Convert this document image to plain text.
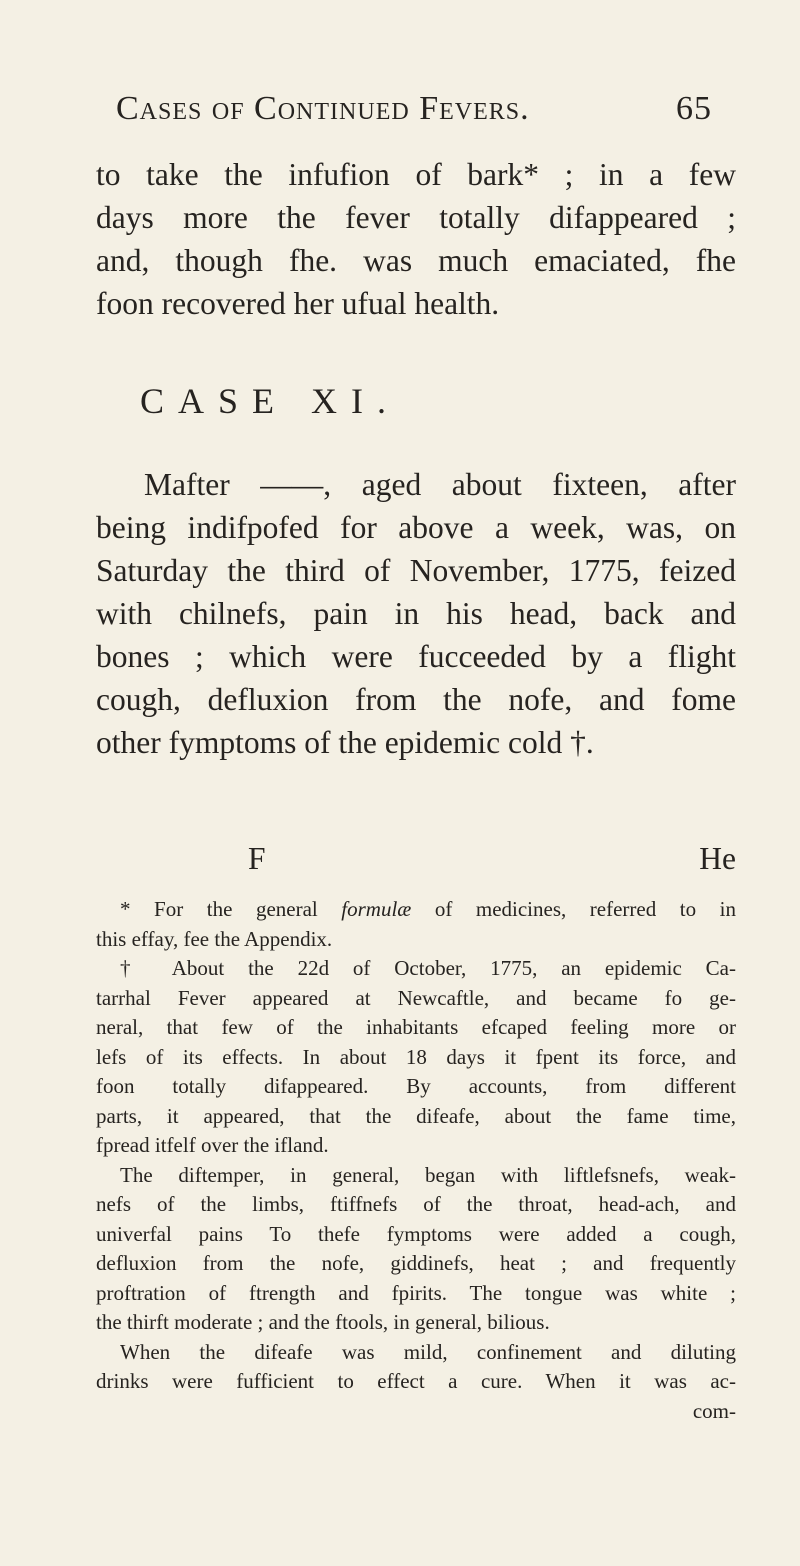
Cases of Continued Fevers.	65
to take the infufion of bark* ; in a few
days more the fever totally difappeared ;
and, though fhe. was much emaciated, fhe
foon recovered her ufual health.
CASE XI.
Mafter ——, aged about fixteen, after
being indifpofed for above a week, was, on
Saturday the third of November, 1775, feized
with chilnefs, pain in his head, back and
bones ; which were fucceeded by a flight
cough, defluxion from the nofe, and fome
other fymptoms of the epidemic cold †.
F	He
* For the general formulæ of medicines, referred to in
this effay, fee the Appendix.
† About the 22d of October, 1775, an epidemic Ca-
tarrhal Fever appeared at Newcaftle, and became fo ge-
neral, that few of the inhabitants efcaped feeling more or
lefs of its effects. In about 18 days it fpent its force, and
foon totally difappeared. By accounts, from different
parts, it appeared, that the difeafe, about the fame time,
fpread itfelf over the ifland.
The diftemper, in general, began with liftlefsnefs, weak-
nefs of the limbs, ftiffnefs of the throat, head-ach, and
univerfal pains To thefe fymptoms were added a cough,
defluxion from the nofe, giddinefs, heat ; and frequently
proftration of ftrength and fpirits. The tongue was white ;
the thirft moderate ; and the ftools, in general, bilious.
When the difeafe was mild, confinement and diluting
drinks were fufficient to effect a cure. When it was ac-
com-
